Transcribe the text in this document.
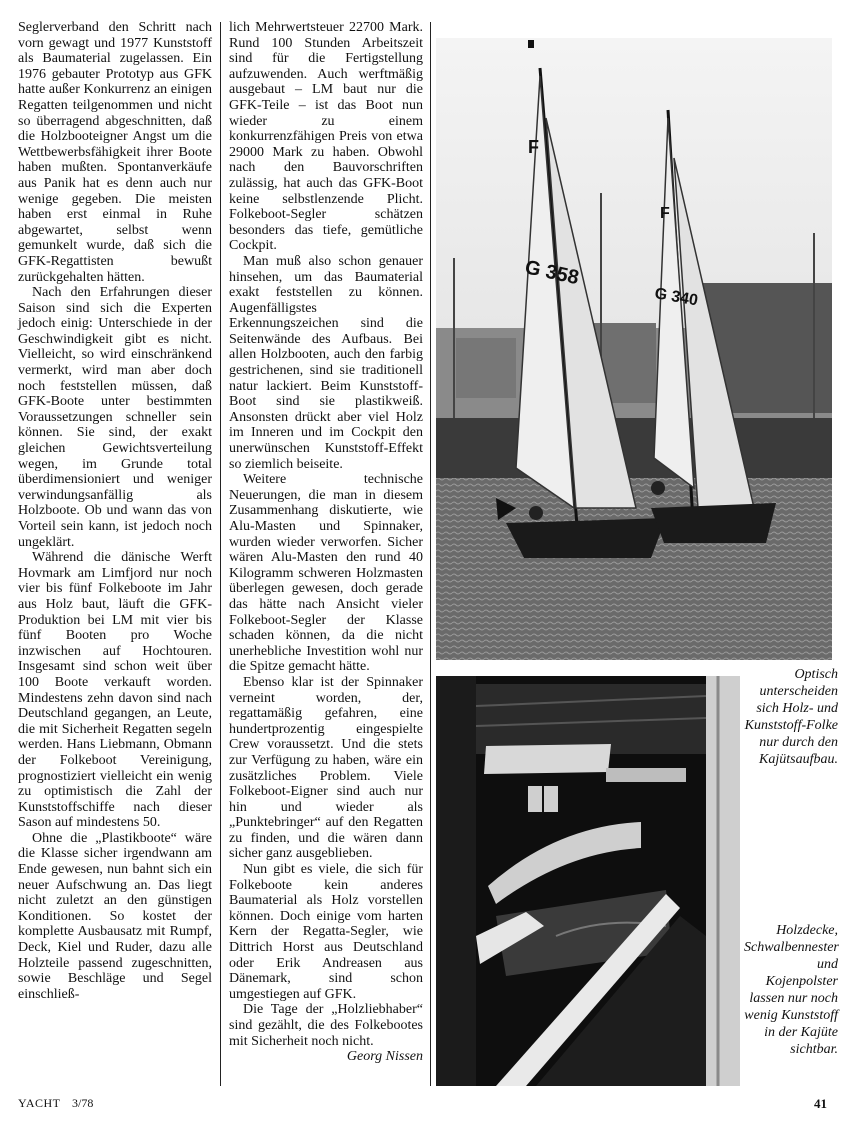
Seglerverband den Schritt nach vorn gewagt und 1977 Kunststoff als Baumaterial zugelassen. Ein 1976 gebauter Prototyp aus GFK hatte außer Konkurrenz an einigen Regatten teilgenommen und nicht so überragend abgeschnitten, daß die Holzbooteigner Angst um die Wettbewerbsfähigkeit ihrer Boote haben mußten. Spontanverkäufe aus Panik hat es denn auch nur wenige gegeben. Die meisten haben erst einmal in Ruhe abgewartet, selbst wenn gemunkelt wurde, daß sich die GFK-Regattisten bewußt zurückgehalten hätten.

Nach den Erfahrungen dieser Saison sind sich die Experten jedoch einig: Unterschiede in der Geschwindigkeit gibt es nicht. Vielleicht, so wird einschränkend vermerkt, wird man aber doch noch feststellen müssen, daß GFK-Boote unter bestimmten Voraussetzungen schneller sein können. Sie sind, der exakt gleichen Gewichtsverteilung wegen, im Grunde total überdimensioniert und weniger verwindungsanfällig als Holzboote. Ob und wann das von Vorteil sein kann, ist jedoch noch ungeklärt.

Während die dänische Werft Hovmark am Limfjord nur noch vier bis fünf Folkeboote im Jahr aus Holz baut, läuft die GFK-Produktion bei LM mit vier bis fünf Booten pro Woche inzwischen auf Hochtouren. Insgesamt sind schon weit über 100 Boote verkauft worden. Mindestens zehn davon sind nach Deutschland gegangen, an Leute, die mit Sicherheit Regatten segeln werden. Hans Liebmann, Obmann der Folkeboot Vereinigung, prognostiziert vielleicht ein wenig zu optimistisch die Zahl der Kunststoffschiffe nach dieser Sason auf mindestens 50.

Ohne die „Plastikboote“ wäre die Klasse sicher irgendwann am Ende gewesen, nun bahnt sich ein neuer Aufschwung an. Das liegt nicht zuletzt an den günstigen Konditionen. So kostet der komplette Ausbausatz mit Rumpf, Deck, Kiel und Ruder, dazu alle Holzteile passend zugeschnitten, sowie Beschläge und Segel einschließ-

lich Mehrwertsteuer 22700 Mark. Rund 100 Stunden Arbeitszeit sind für die Fertigstellung aufzuwenden. Auch werftmäßig ausgebaut – LM baut nur die GFK-Teile – ist das Boot nun wieder zu einem konkurrenzfähigen Preis von etwa 29000 Mark zu haben. Obwohl nach den Bauvorschriften zulässig, hat auch das GFK-Boot keine selbstlenzende Plicht. Folkeboot-Segler schätzen besonders das tiefe, gemütliche Cockpit.

Man muß also schon genauer hinsehen, um das Baumaterial exakt feststellen zu können. Augenfälligstes Erkennungszeichen sind die Seitenwände des Aufbaus. Bei allen Holzbooten, auch den farbig gestrichenen, sind sie traditionell natur lackiert. Beim Kunststoff-Boot sind sie plastikweiß. Ansonsten drückt aber viel Holz im Inneren und im Cockpit den unerwünschen Kunststoff-Effekt so ziemlich beiseite.

Weitere technische Neuerungen, die man in diesem Zusammenhang diskutierte, wie Alu-Masten und Spinnaker, wurden wieder verworfen. Sicher wären Alu-Masten den rund 40 Kilogramm schweren Holzmasten überlegen gewesen, doch gerade das hätte nach Ansicht vieler Folkeboot-Segler der Klasse schaden können, da die nicht unerhebliche Investition wohl nur die Spitze gemacht hätte.

Ebenso klar ist der Spinnaker verneint worden, der, regattamäßig gefahren, eine hundertprozentig eingespielte Crew voraussetzt. Und die stets zur Verfügung zu haben, wäre ein zusätzliches Problem. Viele Folkeboot-Eigner sind auch nur hin und wieder als „Punktebringer“ auf den Regatten zu finden, und die wären dann sicher ganz ausgeblieben.

Nun gibt es viele, die sich für Folkeboote kein anderes Baumaterial als Holz vorstellen können. Doch einige vom harten Kern der Regatta-Segler, wie Dittrich Horst aus Deutschland oder Erik Andreasen aus Dänemark, sind schon umgestiegen auf GFK.

Die Tage der „Holzliebhaber“ sind gezählt, die des Folkebootes mit Sicherheit noch nicht.
Georg Nissen

G 358
F
G 340
F
Optisch unterscheiden sich Holz- und Kunststoff-Folke nur durch den Kajütsaufbau.
Holzdecke, Schwalbennester und Kojenpolster lassen nur noch wenig Kunststoff in der Kajüte sichtbar.
YACHT 3/78	41
